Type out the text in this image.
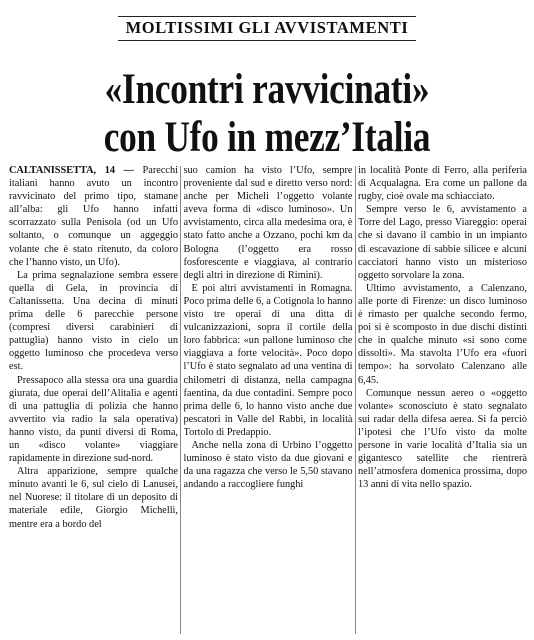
MOLTISSIMI GLI AVVISTAMENTI
«Incontri ravvicinati»
con Ufo in mezz’Italia

CALTANISSETTA, 14 — Parecchi italiani hanno avuto un incontro ravvicinato del primo tipo, stamane all’alba: gli Ufo hanno infatti scorrazzato sulla Penisola (od un Ufo soltanto, o comunque un aggeggio volante che è stato ritenuto, da coloro che l’hanno visto, un Ufo).

La prima segnalazione sembra essere quella di Gela, in provincia di Caltanissetta. Una decina di minuti prima delle 6 parecchie persone (compresi diversi carabinieri di pattuglia) hanno visto in cielo un oggetto luminoso che procedeva verso est.

Pressapoco alla stessa ora una guardia giurata, due operai dell’Alitalia e agenti di una pattuglia di polizia che hanno avvertito via radio la sala operativa) hanno visto, da punti diversi di Roma, un «disco volante» viaggiare rapidamente in direzione sud-nord.

Altra apparizione, sempre qualche minuto avanti le 6, sul cielo di Lanusei, nel Nuorese: il titolare di un deposito di materiale edile, Giorgio Michelli, mentre era a bordo del

suo camion ha visto l’Ufo, sempre proveniente dal sud e diretto verso nord: anche per Micheli l’oggetto volante aveva forma di «disco luminoso». Un avvistamento, circa alla medesima ora, è stato fatto anche a Ozzano, pochi km da Bologna (l’oggetto era rosso fosforescente e viaggiava, al contrario degli altri in direzione di Rimini).

E poi altri avvistamenti in Romagna. Poco prima delle 6, a Cotignola lo hanno visto tre operai di una ditta di vulcanizzazioni, sopra il cortile della loro fabbrica: «un pallone luminoso che viaggiava a forte velocità». Poco dopo l’Ufo è stato segnalato ad una ventina di chilometri di distanza, nella campagna faentina, da due contadini. Sempre poco prima delle 6, lo hanno visto anche due pescatori in Valle del Rabbi, in località Tortolo di Predappio.

Anche nella zona di Urbino l’oggetto luminoso è stato visto da due giovani e da una ragazza che verso le 5,50 stavano andando a raccogliere funghi

in località Ponte di Ferro, alla periferia di Acqualagna. Era come un pallone da rugby, cioè ovale ma schiacciato.

Sempre verso le 6, avvistamento a Torre del Lago, presso Viareggio: operai che si davano il cambio in un impianto di escavazione di sabbie silicee e alcuni cacciatori hanno visto un misterioso oggetto sorvolare la zona.

Ultimo avvistamento, a Calenzano, alle porte di Firenze: un disco luminoso è rimasto per qualche secondo fermo, poi si è scomposto in due dischi distinti che in qualche minuto «si sono come dissolti». Ma stavolta l’Ufo era «fuori tempo»: ha sorvolato Calenzano alle 6,45.

Comunque nessun aereo o «oggetto volante» sconosciuto è stato segnalato sui radar della difesa aerea. Si fa perciò l’ipotesi che l’Ufo visto da molte persone in varie località d’Italia sia un gigantesco satellite che rientrerà nell’atmosfera domenica prossima, dopo 13 anni di vita nello spazio.
